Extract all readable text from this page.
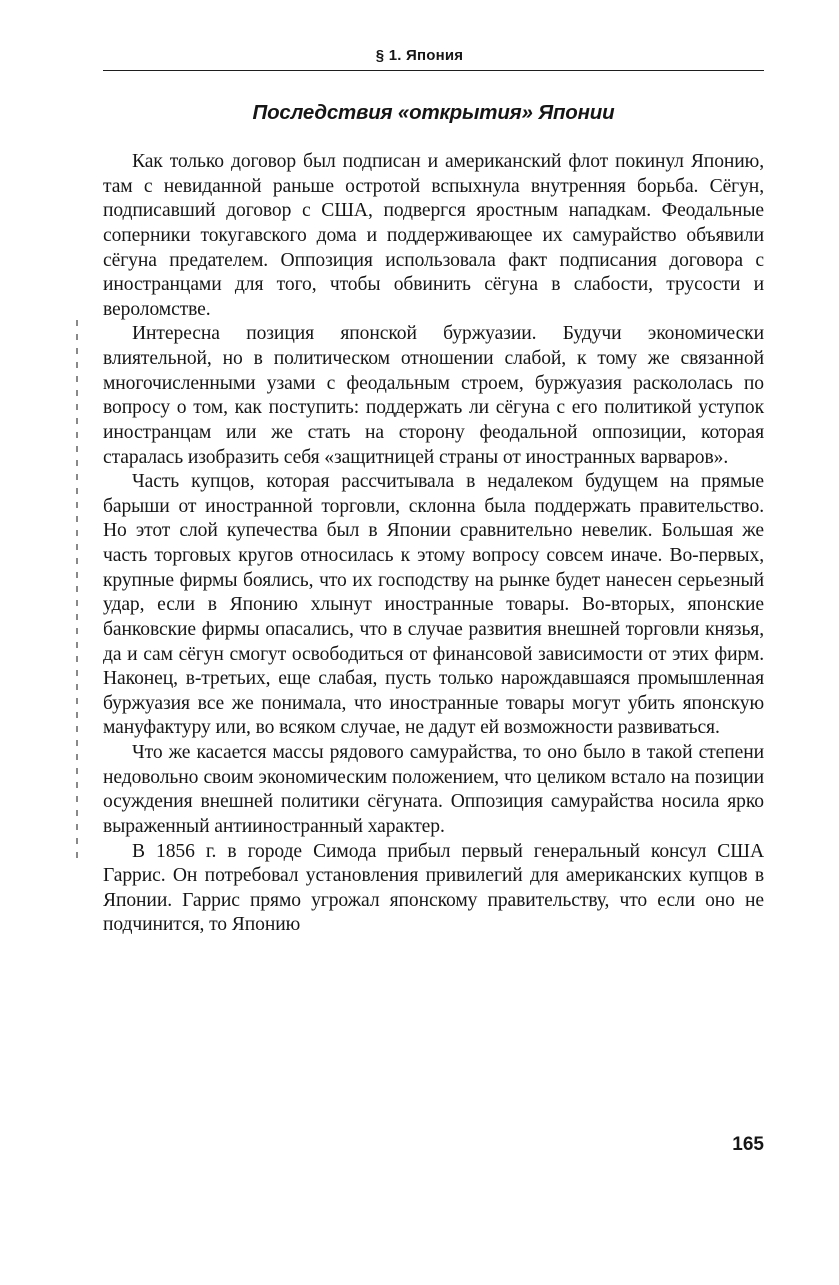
§ 1. Япония
Последствия «открытия» Японии

Как только договор был подписан и американский флот покинул Японию, там с невиданной раньше остротой вспыхнула внутренняя борьба. Сёгун, подписавший договор с США, подвергся яростным нападкам. Феодальные соперники токугавского дома и поддерживающее их самурайство объявили сёгуна предателем. Оппозиция использовала факт подписания договора с иностранцами для того, чтобы обвинить сёгуна в слабости, трусости и вероломстве.

Интересна позиция японской буржуазии. Будучи экономически влиятельной, но в политическом отношении слабой, к тому же связанной многочисленными узами с феодальным строем, буржуазия раскололась по вопросу о том, как поступить: поддержать ли сёгуна с его политикой уступок иностранцам или же стать на сторону феодальной оппозиции, которая старалась изобразить себя «защитницей страны от иностранных варваров».

Часть купцов, которая рассчитывала в недалеком будущем на прямые барыши от иностранной торговли, склонна была поддержать правительство. Но этот слой купечества был в Японии сравнительно невелик. Большая же часть торговых кругов относилась к этому вопросу совсем иначе. Во-первых, крупные фирмы боялись, что их господству на рынке будет нанесен серьезный удар, если в Японию хлынут иностранные товары. Во-вторых, японские банковские фирмы опасались, что в случае развития внешней торговли князья, да и сам сёгун смогут освободиться от финансовой зависимости от этих фирм. Наконец, в-третьих, еще слабая, пусть только нарождавшаяся промышленная буржуазия все же понимала, что иностранные товары могут убить японскую мануфактуру или, во всяком случае, не дадут ей возможности развиваться.

Что же касается массы рядового самурайства, то оно было в такой степени недовольно своим экономическим положением, что целиком встало на позиции осуждения внешней политики сёгуната. Оппозиция самурайства носила ярко выраженный антииностранный характер.

В 1856 г. в городе Симода прибыл первый генеральный консул США Гаррис. Он потребовал установления привилегий для американских купцов в Японии. Гаррис прямо угрожал японскому правительству, что если оно не подчинится, то Японию

165
